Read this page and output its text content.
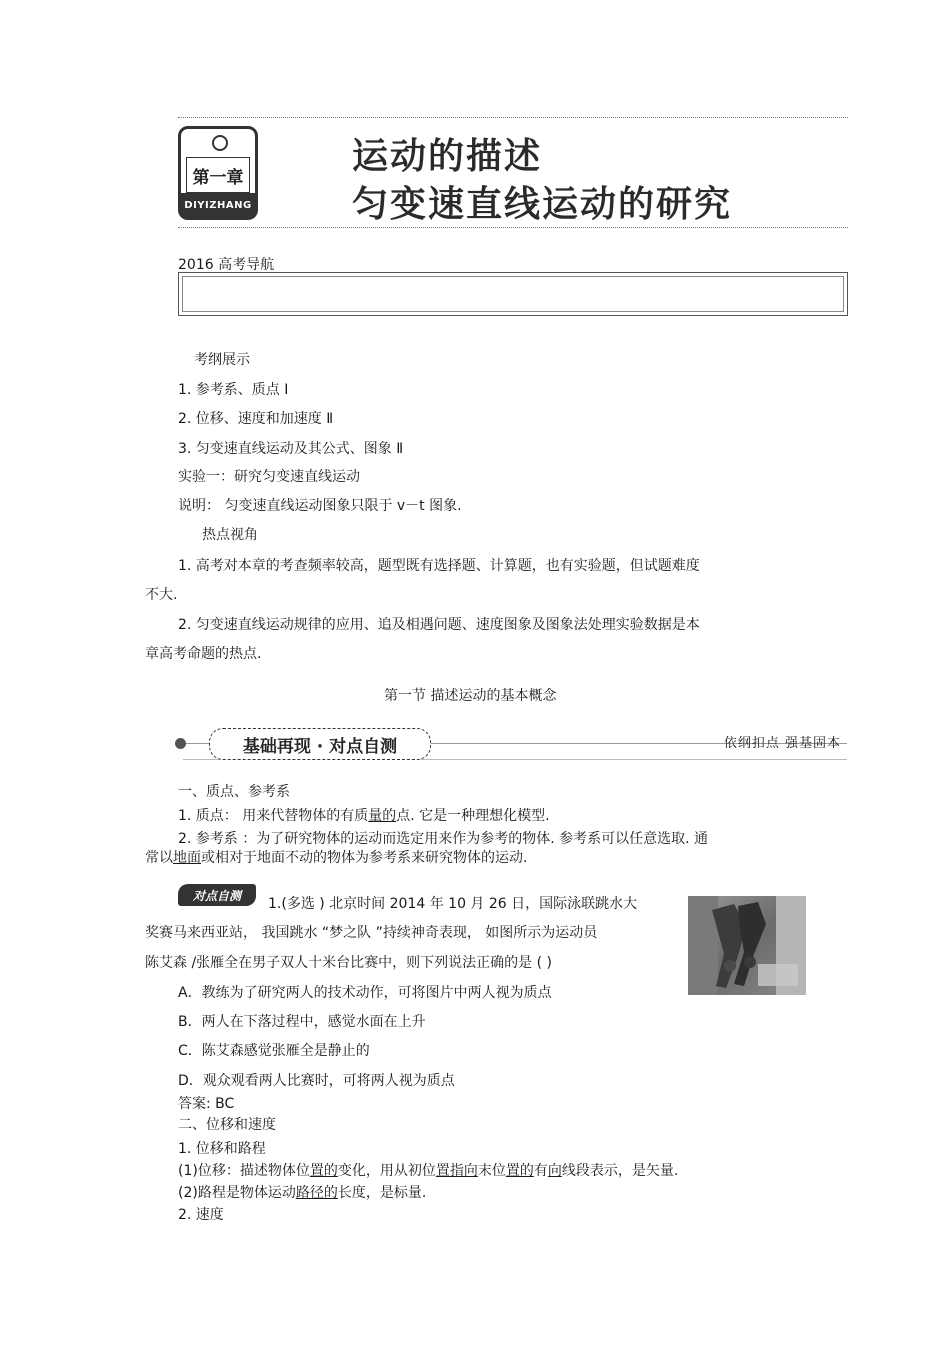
第一章
DIYIZHANG
运动的描述
匀变速直线运动的研究
2016 高考导航
考纲展示
1. 参考系、质点 Ⅰ
2. 位移、速度和加速度 Ⅱ
3. 匀变速直线运动及其公式、图象 Ⅱ
实验一：研究匀变速直线运动
说明： 匀变速直线运动图象只限于 v－t 图象.
热点视角
1. 高考对本章的考查频率较高，题型既有选择题、计算题，也有实验题，但试题难度
不大.
2. 匀变速直线运动规律的应用、追及相遇问题、速度图象及图象法处理实验数据是本
章高考命题的热点.
第一节 描述运动的基本概念
基础再现 · 对点自测	依纲扣点 强基固本
一、质点、参考系
1. 质点： 用来代替物体的有质量的点. 它是一种理想化模型.
2. 参考系 ：为了研究物体的运动而选定用来作为参考的物体. 参考系可以任意选取. 通
常以地面或相对于地面不动的物体为参考系来研究物体的运动.
对点自测
1.(多选 ) 北京时间 2014 年 10 月 26 日，国际泳联跳水大
奖赛马来西亚站， 我国跳水 “梦之队 ”持续神奇表现， 如图所示为运动员
陈艾森 /张雁全在男子双人十米台比赛中，则下列说法正确的是 ( )
A．教练为了研究两人的技术动作，可将图片中两人视为质点
B．两人在下落过程中，感觉水面在上升
C．陈艾森感觉张雁全是静止的
D．观众观看两人比赛时，可将两人视为质点
答案: BC
二、位移和速度
1. 位移和路程
(1)位移：描述物体位置的变化，用从初位置指向末位置的有向线段表示，是矢量.
(2)路程是物体运动路径的长度，是标量.
2. 速度
